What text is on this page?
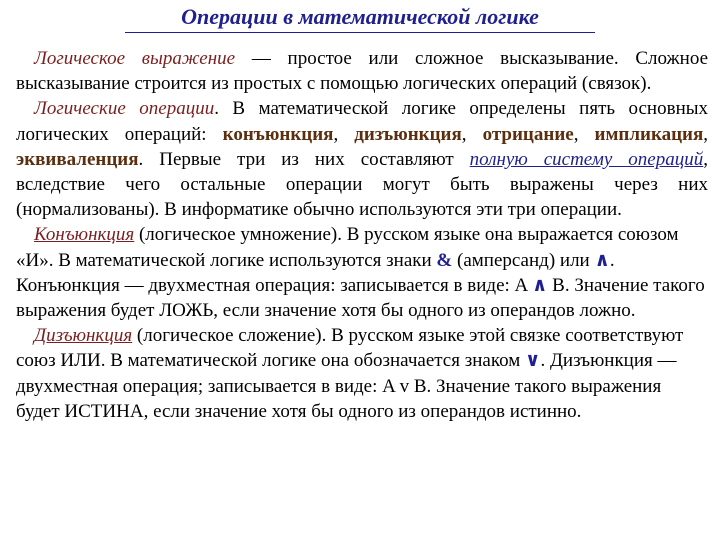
Операции в математической логике

Логическое выражение — простое или сложное высказывание. Сложное высказывание строится из простых с помощью логических операций (связок).

Логические операции. В математической логике определены пять основных логических операций: конъюнкция, дизъюнкция, отрицание, импликация, эквиваленция. Первые три из них составляют полную систему операций, вследствие чего остальные операции могут быть выражены через них (нормализованы). В информатике обычно используются эти три операции.

Конъюнкция (логическое умножение). В русском языке она выражается союзом «И». В математической логике используются знаки & (амперсанд) или ∧. Конъюнкция — двухместная операция: записывается в виде: A ∧ B. Значение такого выражения будет ЛОЖЬ, если значение хотя бы одного из операндов ложно.

Дизъюнкция (логическое сложение). В русском языке этой связке соответствуют союз ИЛИ. В математической логике она обозначается знаком ∨. Дизъюнкция — двухместная операция; записывается в виде: A v B. Значение такого выражения будет ИСТИНА, если значение хотя бы одного из операндов истинно.
